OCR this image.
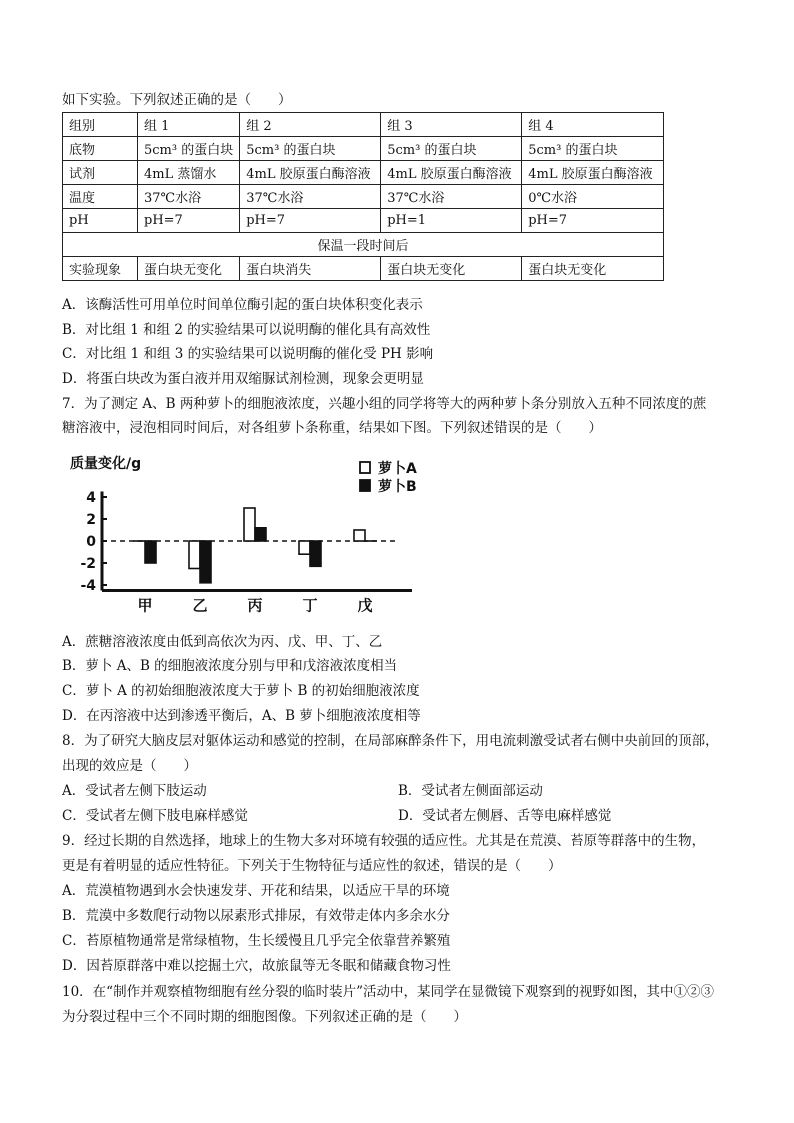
如下实验。下列叙述正确的是（　　）
组别	组 1	组 2	组 3	组 4
底物	5cm³ 的蛋白块	5cm³ 的蛋白块	5cm³ 的蛋白块	5cm³ 的蛋白块
试剂	4mL 蒸馏水	4mL 胶原蛋白酶溶液	4mL 胶原蛋白酶溶液	4mL 胶原蛋白酶溶液
温度	37℃水浴	37℃水浴	37℃水浴	0℃水浴
pH	pH=7	pH=7	pH=1	pH=7
保温一段时间后				
实验现象	蛋白块无变化	蛋白块消失	蛋白块无变化	蛋白块无变化
A．该酶活性可用单位时间单位酶引起的蛋白块体积变化表示
B．对比组 1 和组 2 的实验结果可以说明酶的催化具有高效性
C．对比组 1 和组 3 的实验结果可以说明酶的催化受 PH 影响
D．将蛋白块改为蛋白液并用双缩脲试剂检测，现象会更明显
7．为了测定 A、B 两种萝卜的细胞液浓度，兴趣小组的同学将等大的两种萝卜条分别放入五种不同浓度的蔗
糖溶液中，浸泡相同时间后，对各组萝卜条称重，结果如下图。下列叙述错误的是（　　）
质量变化/g
4
2
0
-2
-4
甲	乙	丙	丁	戊
萝卜A
萝卜B
A．蔗糖溶液浓度由低到高依次为丙、戊、甲、丁、乙
B．萝卜 A、B 的细胞液浓度分别与甲和戊溶液浓度相当
C．萝卜 A 的初始细胞液浓度大于萝卜 B 的初始细胞液浓度
D．在丙溶液中达到渗透平衡后，A、B 萝卜细胞液浓度相等
8．为了研究大脑皮层对躯体运动和感觉的控制，在局部麻醉条件下，用电流刺激受试者右侧中央前回的顶部，
出现的效应是（　　）
A．受试者左侧下肢运动	B．受试者左侧面部运动
C．受试者左侧下肢电麻样感觉	D．受试者左侧唇、舌等电麻样感觉
9．经过长期的自然选择，地球上的生物大多对环境有较强的适应性。尤其是在荒漠、苔原等群落中的生物，
更是有着明显的适应性特征。下列关于生物特征与适应性的叙述，错误的是（　　）
A．荒漠植物遇到水会快速发芽、开花和结果，以适应干旱的环境
B．荒漠中多数爬行动物以尿素形式排尿，有效带走体内多余水分
C．苔原植物通常是常绿植物，生长缓慢且几乎完全依靠营养繁殖
D．因苔原群落中难以挖掘土穴，故旅鼠等无冬眠和储藏食物习性
10．在“制作并观察植物细胞有丝分裂的临时装片”活动中，某同学在显微镜下观察到的视野如图，其中①②③
为分裂过程中三个不同时期的细胞图像。下列叙述正确的是（　　）
